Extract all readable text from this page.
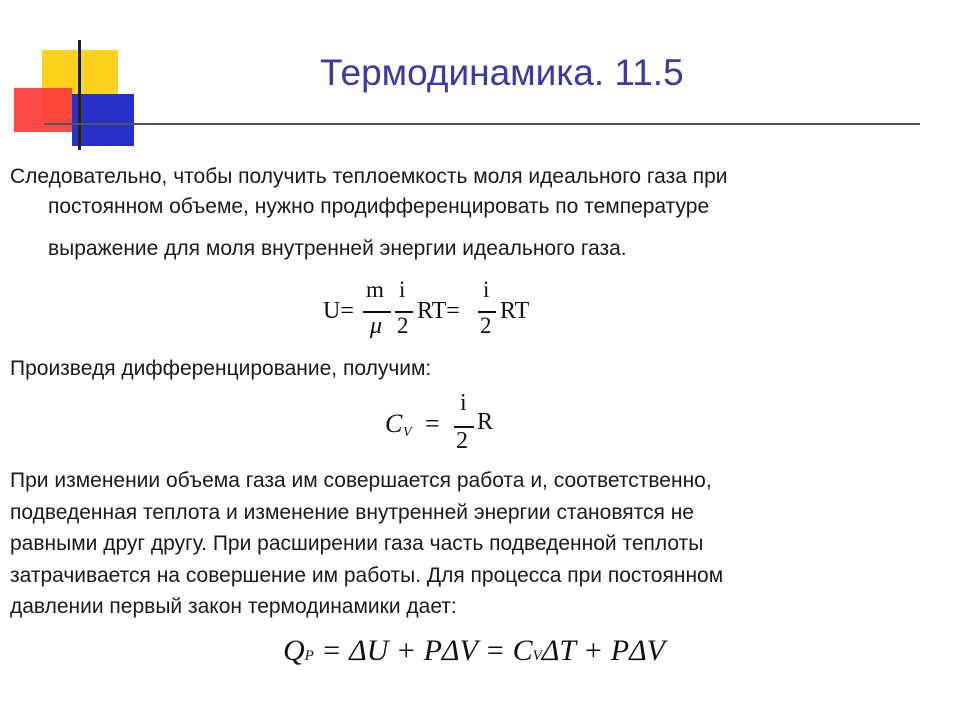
Термодинамика. 11.5
Следовательно, чтобы получить теплоемкость моля идеального газа при
постоянном объеме, нужно продифференцировать по температуре
выражение для моля внутренней энергии идеального газа.
U=
m
μ
i
2
RT=
i
2
RT
Произведя дифференцирование, получим:
C V =
i
2
R
При изменении объема газа им совершается работа и, соответственно,
подведенная теплота и изменение внутренней энергии становятся не
равными друг другу. При расширении газа часть подведенной теплоты
затрачивается на совершение им работы. Для процесса при постоянном
давлении первый закон термодинамики дает:
QP = ΔU + PΔV = CVΔT + PΔV
